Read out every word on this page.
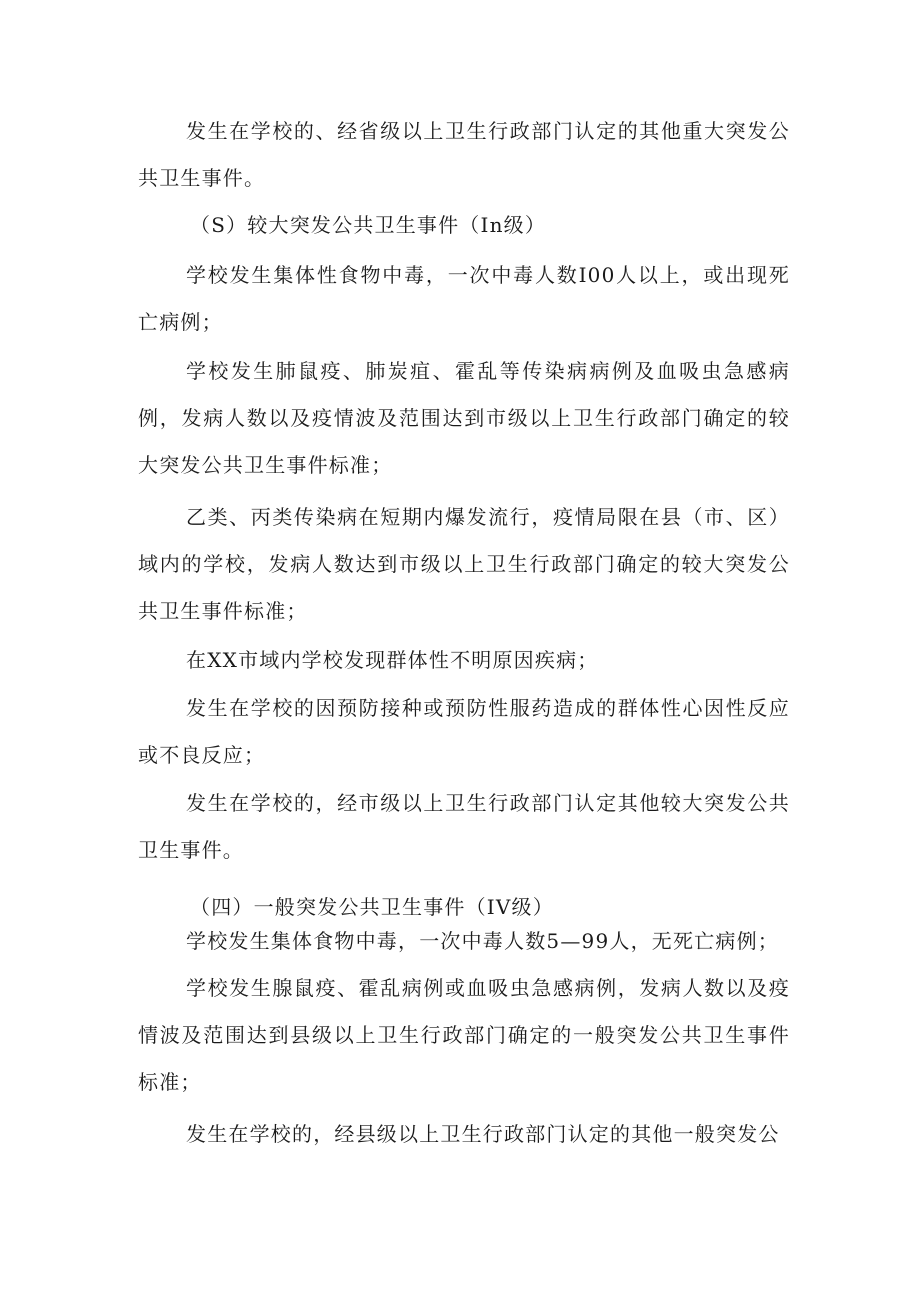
发生在学校的、经省级以上卫生行政部门认定的其他重大突发公共卫生事件。

（S）较大突发公共卫生事件（In级）

学校发生集体性食物中毒，一次中毒人数I00人以上，或出现死亡病例；

学校发生肺鼠疫、肺炭疽、霍乱等传染病病例及血吸虫急感病例，发病人数以及疫情波及范围达到市级以上卫生行政部门确定的较大突发公共卫生事件标准；

乙类、丙类传染病在短期内爆发流行，疫情局限在县（市、区）域内的学校，发病人数达到市级以上卫生行政部门确定的较大突发公共卫生事件标准；

在XX市域内学校发现群体性不明原因疾病；

发生在学校的因预防接种或预防性服药造成的群体性心因性反应或不良反应；

发生在学校的，经市级以上卫生行政部门认定其他较大突发公共卫生事件。

（四）一般突发公共卫生事件（IV级）

学校发生集体食物中毒，一次中毒人数5—99人，无死亡病例；

学校发生腺鼠疫、霍乱病例或血吸虫急感病例，发病人数以及疫情波及范围达到县级以上卫生行政部门确定的一般突发公共卫生事件标准；

发生在学校的，经县级以上卫生行政部门认定的其他一般突发公
